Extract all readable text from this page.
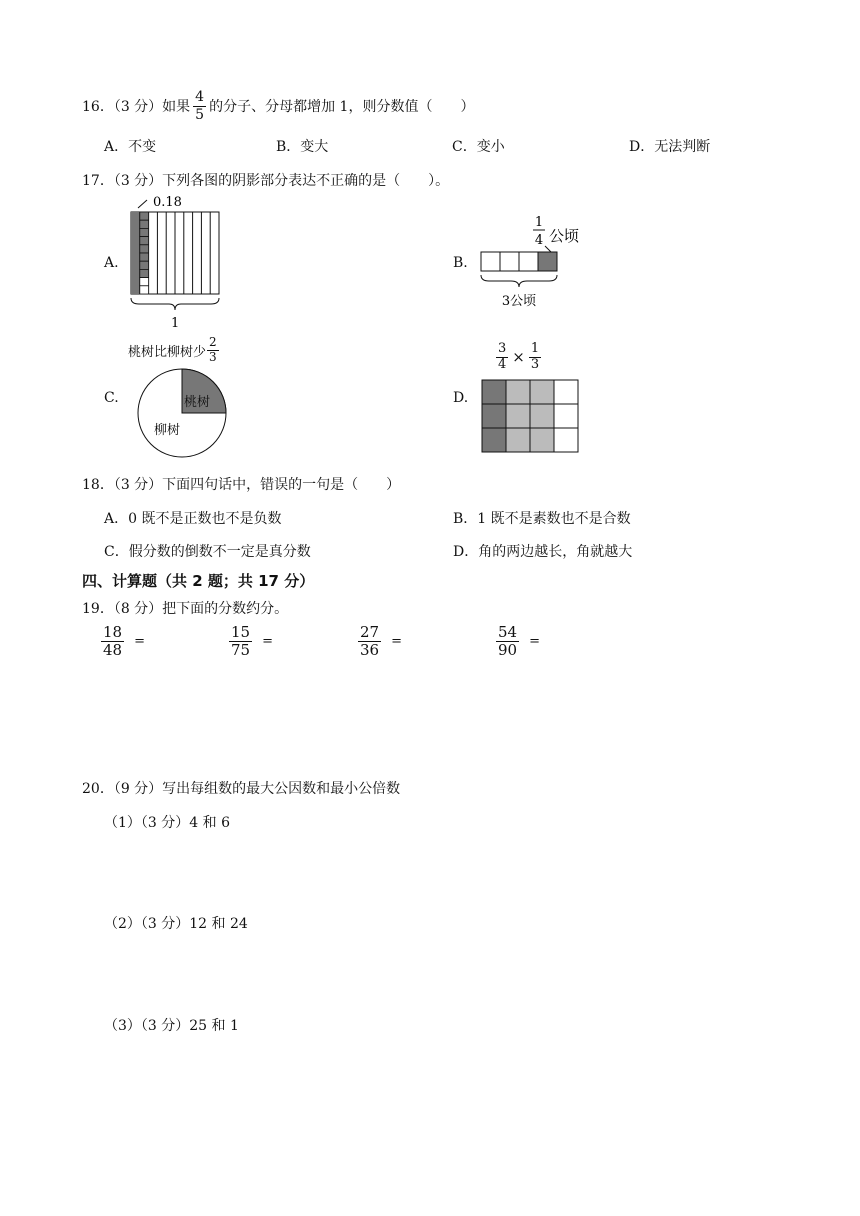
16．（3 分）如果 $\frac{4}{5}$ 的分子、分母都增加 1，则分数值（　　）
A．不变	B．变大	C．变小	D．无法判断
17．（3 分）下列各图的阴影部分表达不正确的是（　　）。
A.
0.18
1
B.
1
4 公顷
3公顷
桃树比柳树少 $\frac{2}{3}$
C.	桃树
柳树
$\frac{3}{4} \times \frac{1}{3}$
D.
18．（3 分）下面四句话中，错误的一句是（　　）
A．0 既不是正数也不是负数	B．1 既不是素数也不是合数
C．假分数的倒数不一定是真分数	D．角的两边越长，角就越大
四、计算题（共 2 题；共 17 分）
19．（8 分）把下面的分数约分。
$\frac{18}{48}$ =	$\frac{15}{75}$ =	$\frac{27}{36}$ =	$\frac{54}{90}$ =
20．（9 分）写出每组数的最大公因数和最小公倍数
（1）（3 分）4 和 6
（2）（3 分）12 和 24
（3）（3 分）25 和 1
